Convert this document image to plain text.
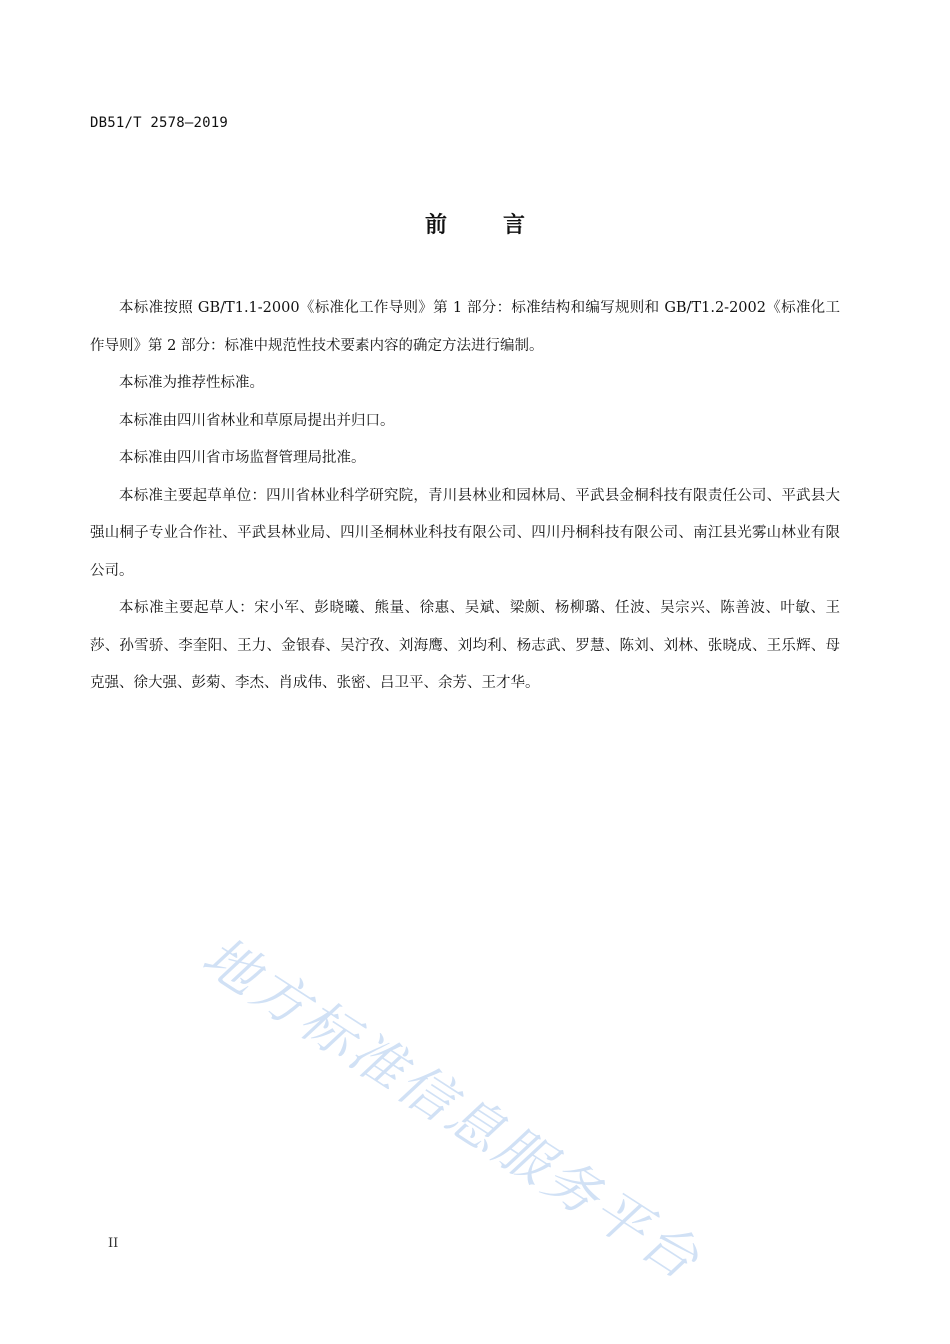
DB51/T 2578—2019
前	言

本标准按照 GB/T1.1-2000《标准化工作导则》第 1 部分：标准结构和编写规则和 GB/T1.2-2002《标准化工作导则》第 2 部分：标准中规范性技术要素内容的确定方法进行编制。

本标准为推荐性标准。

本标准由四川省林业和草原局提出并归口。

本标准由四川省市场监督管理局批准。

本标准主要起草单位：四川省林业科学研究院，青川县林业和园林局、平武县金桐科技有限责任公司、平武县大强山桐子专业合作社、平武县林业局、四川圣桐林业科技有限公司、四川丹桐科技有限公司、南江县光雾山林业有限公司。

本标准主要起草人：宋小军、彭晓曦、熊量、徐惠、吴斌、梁颇、杨柳璐、任波、吴宗兴、陈善波、叶敏、王莎、孙雪骄、李奎阳、王力、金银春、吴泞孜、刘海鹰、刘均利、杨志武、罗慧、陈刘、刘林、张晓成、王乐辉、母克强、徐大强、彭菊、李杰、肖成伟、张密、吕卫平、余芳、王才华。

地方标准信息服务平台
II
